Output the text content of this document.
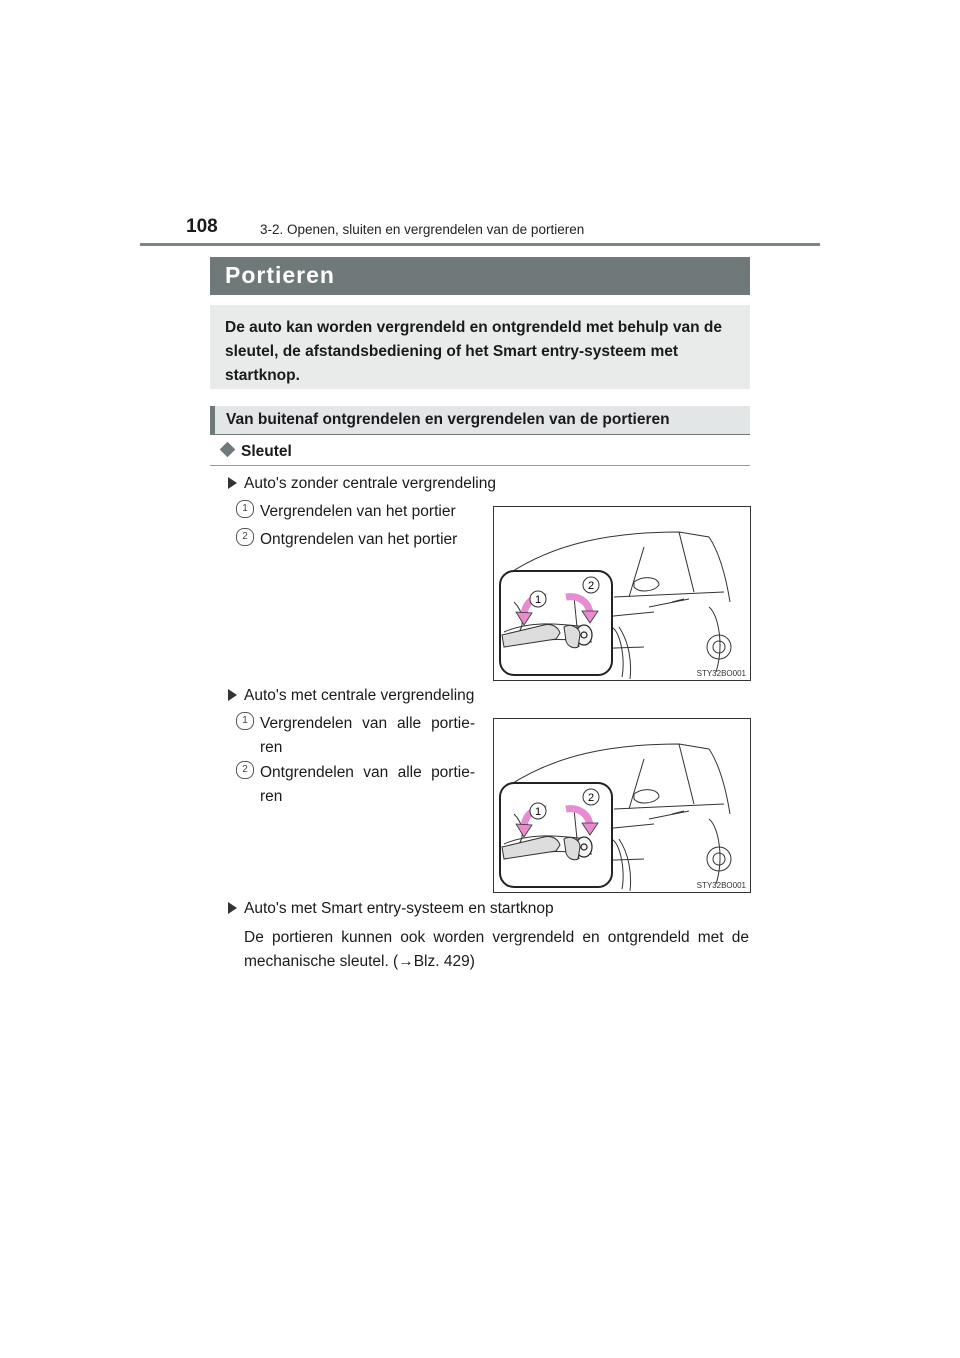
108	3-2. Openen, sluiten en vergrendelen van de portieren
Portieren
De auto kan worden vergrendeld en ontgrendeld met behulp van de sleutel, de afstandsbediening of het Smart entry-systeem met startknop.
Van buitenaf ontgrendelen en vergrendelen van de portieren
Sleutel
Auto's zonder centrale vergrendeling
1 Vergrendelen van het portier
2 Ontgrendelen van het portier
1
2
STY32BO001
Auto's met centrale vergrendeling
1 Vergrendelen van alle portie-ren
2 Ontgrendelen van alle portie-ren
1
2
STY32BO001
Auto's met Smart entry-systeem en startknop
De portieren kunnen ook worden vergrendeld en ontgrendeld met de mechanische sleutel. (→Blz. 429)
